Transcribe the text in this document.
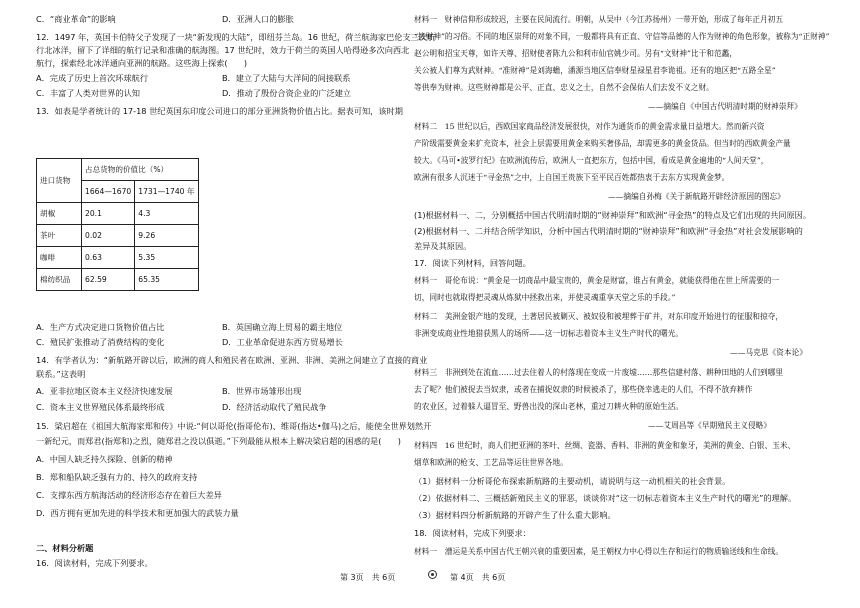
C．“商业革命”的影响	D．亚洲人口的膨胀
12．1497 年，英国卡伯特父子发现了一块“新发现的大陆”，即纽芬兰岛。16 世纪，荷兰航海家巴伦支三次航
行北冰洋，留下了详细的航行记录和准确的航海图。17 世纪时，效力于荷兰的英国人哈得逊多次向西北
航行，探索经北冰洋通向亚洲的航路。这些海上探索(　　)
A．完成了历史上首次环球航行	B．建立了大陆与大洋间的间接联系
C．丰富了人类对世界的认知	D．推动了殷份合资企业的广泛建立
13．如表是学者统计的 17-18 世纪英国东印度公司进口的部分亚洲货物价值占比。据表可知，该时期
进口货物	占总货物的价值比（%）	
	1664—1670	1731—1740 年
胡椒	20.1	4.3
茶叶	0.02	9.26
咖啡	0.63	5.35
棉纺织品	62.59	65.35
A．生产方式决定进口货物价值占比	B．英国确立海上贸易的霸主地位
C．殖民扩张推动了消费结构的变化	D．工业革命促进东西方贸易增长
14．有学者认为：“新航路开辟以后，欧洲的商人和殖民者在欧洲、亚洲、非洲、美洲之间建立了直接的商业
联系。”这表明
A．亚非拉地区资本主义经济快速发展	B．世界市场雏形出现
C．资本主义世界殖民体系最终形成	D．经济活动取代了殖民战争
15．梁启超在《祖国大航海家郑和传》中说:“何以哥伦(指哥伦布)、维哥(指达•伽马)之后，能使全世界划然开
一新纪元，而郑君(指郑和)之烈，随郑君之没以俱逝。”下列最能从根本上解决梁启超的困惑的是(　　)
A．中国人缺乏持久探险、创新的精神
B．郑和船队缺乏强有力的、持久的政府支持
C．支撑东西方航海活动的经济形态存在着巨大差异
D．西方拥有更加先进的科学技术和更加强大的武装力量
二、材料分析题
16．阅读材料，完成下列要求。
材料一　财神信仰形成较迟，主要在民间流行。明朝，从吴中（今江苏扬州）一带开始，形成了每年正月初五
“接财神”的习俗。不同的地区崇拜的对象不同，一般都将具有正直、守信等品德的人作为财神的角色形象，被称为“正财神”
赵公明和招宝天尊，如许天尊、招财使者陈九公和利市仙官姚少司。另有“文财神”比干和范蠡，
关公被人们尊为武财神。“准财神”是刘海蟾，潘源当地区信奉财星禄星君李诡祖。还有的地区把“五路全星”
等供奉为财神。这些财神都是公平、正直、忠义之士，自然不会保佑人们去发不义之财。
——摘编自《中国古代明清时期的财神崇拜》
材料二　15 世纪以后，西欧国家商品经济发展很快，对作为通货币的黄金需求量日益增大。然而新兴资
产阶级需要黄金来扩充资本，社会上层需要用黄金来购买奢侈品，却需更多的黄金货品。但当时的西欧黄金产量
较大。《马可•波罗行纪》在欧洲流传后，欧洲人一直把东方，包括中国，看成是黄金遍地的“人间天堂”，
欧洲有很多人沉迷于“寻金热”之中，上自国王贵族下至平民百姓都热衷于去东方实现黄金梦。
——摘编自孙梅《关于新航路开辟经济原因的图忘》
(1)根据材料一、二，分别概括中国古代明清时期的“财神崇拜”和欧洲“寻金热”的特点及它们出现的共同原因。
(2)根据材料一、二并结合所学知识，分析中国古代明清时期的“财神崇拜”和欧洲“寻金热”对社会发展影响的
差异及其原因。
17．阅读下列材料，回答问题。
材料一　哥伦布说：“黄金是一切商品中最宝贵的，黄金是财富，谁占有黄金，就能获得他在世上所需要的一
切，同时也就取得把灵魂从炼狱中拯救出来，并使灵魂重享天堂之乐的手段。”
材料二　美洲金银产地的发现，土著居民被剿灭、被奴役和被埋葬于矿井，对东印度开始进行的征服和掠夺，
非洲变成商业性地猎获黑人的场所——这一切标志着资本主义生产时代的曙光。
——马克思《资本论》
材料三　非洲到处在流血……过去住着人的村落现在变成一片废墟……那些信建村落、耕种田地的人们到哪里
去了呢？他们被捉去当奴隶，或者在捕捉奴隶的时候被杀了，那些侥幸逃走的人们，不得不放弃耕作
的农业区，过着躲人逼冒至、野兽出没的深山老林，重过刀耕火种的原始生活。
——艾周昌等《早期殖民主义侵略》
材料四　16 世纪时，商人们把亚洲的茶叶、丝绸、瓷器、香料、非洲的黄金和象牙，美洲的黄金、白银、玉米、
烟草和欧洲的枪支、工艺品等运往世界各地。
（1）据材料一分析哥伦布探索新航路的主要动机，请说明与这一动机相关的社会背景。
（2）依据材料二、三概括新殖民主义的罪恶，谈谈你对“这一切标志着资本主义生产时代的曙光”的理解。
（3）据材料四分析新航路的开辟产生了什么重大影响。
18．阅读材料，完成下列要求：
材料一　漕运是关系中国古代王朝兴衰的重要因素，是王朝权力中心得以生存和运行的物质输送线和生命线。
第 3页　共 6页	第 4页　共 6页
